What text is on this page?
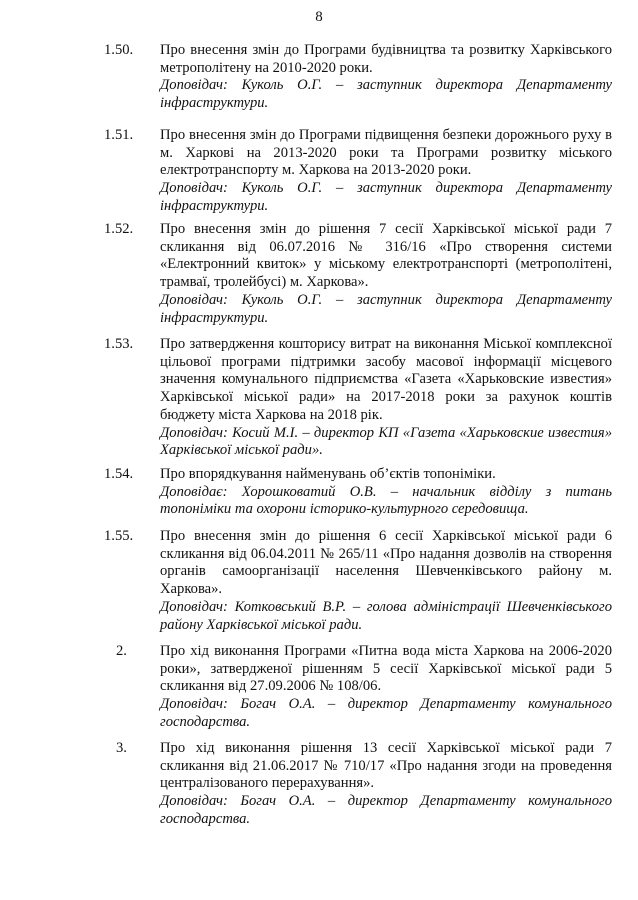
8
1.50.	Про внесення змін до Програми будівництва та розвитку Харківського метрополітену на 2010-2020 роки.
Доповідач: Куколь О.Г. – заступник директора Департаменту інфраструктури.
1.51.	Про внесення змін до Програми підвищення безпеки дорожнього руху в м. Харкові на 2013-2020 роки та Програми розвитку міського електротранспорту м. Харкова на 2013-2020 роки.
Доповідач: Куколь О.Г. – заступник директора Департаменту інфраструктури.
1.52.	Про внесення змін до рішення 7 сесії Харківської міської ради 7 скликання від 06.07.2016 № 316/16 «Про створення системи «Електронний квиток» у міському електротранспорті (метрополітені, трамваї, тролейбусі) м. Харкова».
Доповідач: Куколь О.Г. – заступник директора Департаменту інфраструктури.
1.53.	Про затвердження кошторису витрат на виконання Міської комплексної цільової програми підтримки засобу масової інформації місцевого значення комунального підприємства «Газета «Харьковские известия» Харківської міської ради» на 2017-2018 роки за рахунок коштів бюджету міста Харкова на 2018 рік.
Доповідач: Косий М.І. – директор КП «Газета «Харьковские известия» Харківської міської ради».
1.54.	Про впорядкування найменувань об’єктів топоніміки.
Доповідає: Хорошковатий О.В. – начальник відділу з питань топоніміки та охорони історико-культурного середовища.
1.55.	Про внесення змін до рішення 6 сесії Харківської міської ради 6 скликання від 06.04.2011 № 265/11 «Про надання дозволів на створення органів самоорганізації населення Шевченківського району м. Харкова».
Доповідач: Котковський В.Р. – голова адміністрації Шевченківського району Харківської міської ради.
2.	Про хід виконання Програми «Питна вода міста Харкова на 2006-2020 роки», затвердженої рішенням 5 сесії Харківської міської ради 5 скликання від 27.09.2006 № 108/06.
Доповідач: Богач О.А. – директор Департаменту комунального господарства.
3.	Про хід виконання рішення 13 сесії Харківської міської ради 7 скликання від 21.06.2017 № 710/17 «Про надання згоди на проведення централізованого перерахування».
Доповідач: Богач О.А. – директор Департаменту комунального господарства.
